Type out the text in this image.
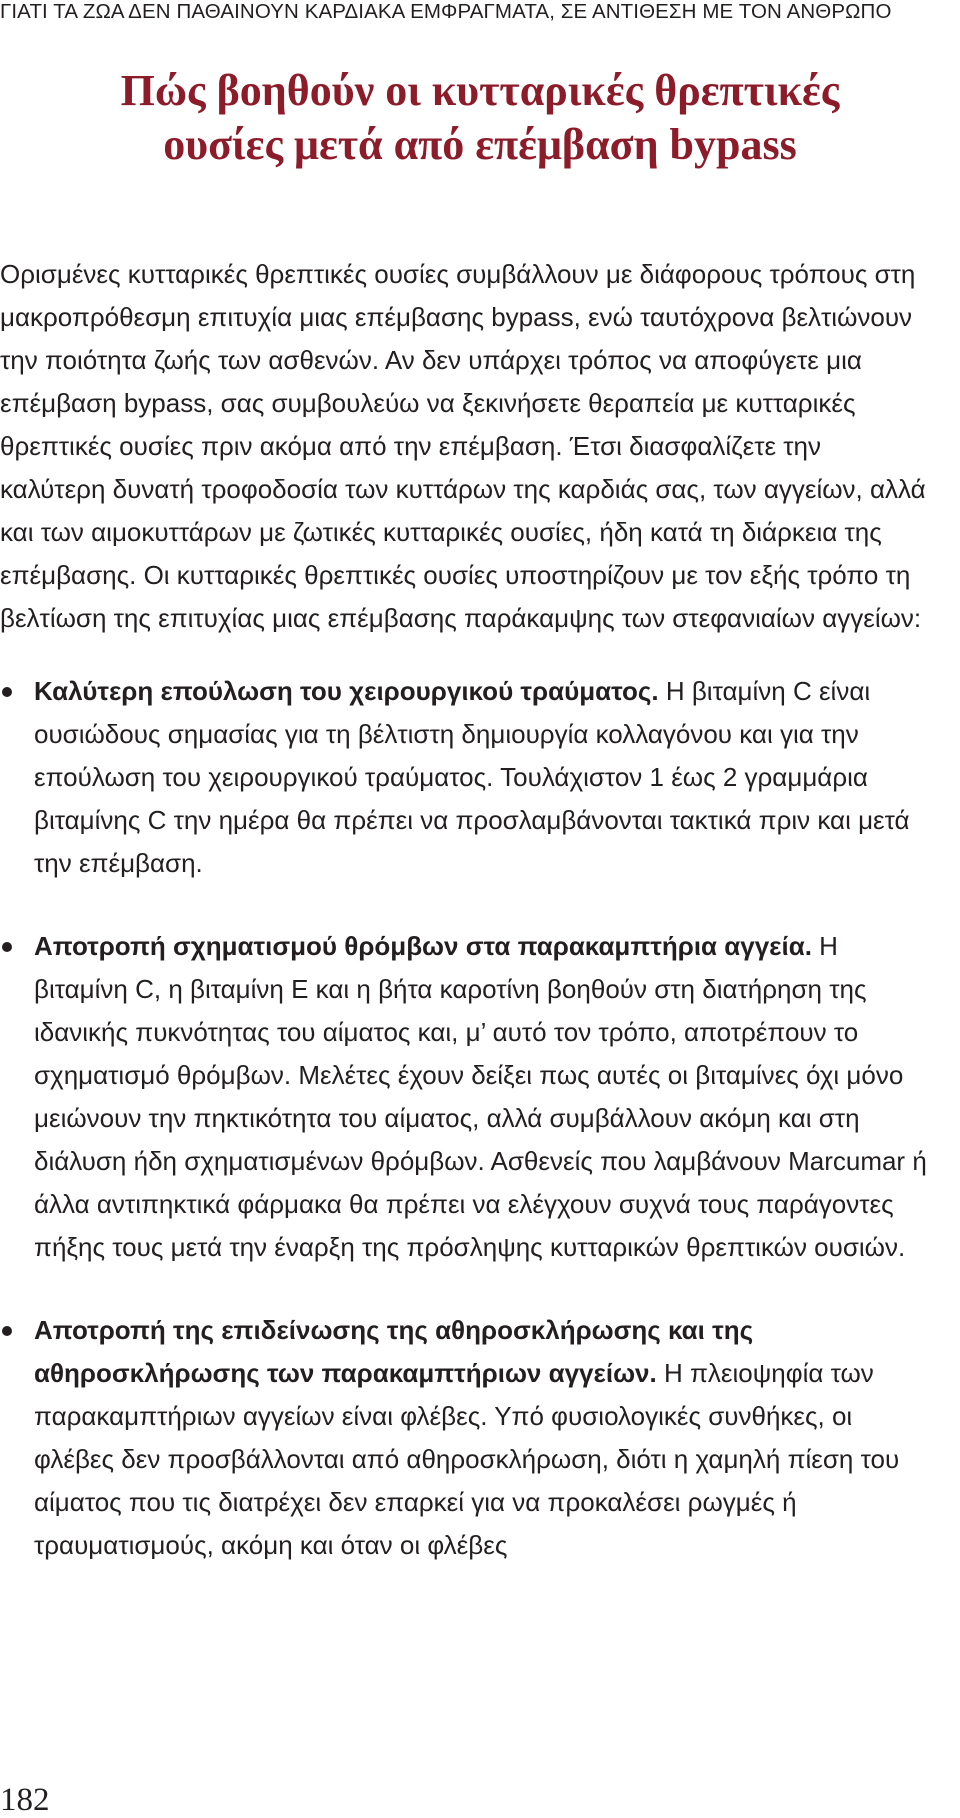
ΓΙΑΤΙ ΤΑ ΖΩΑ ΔΕΝ ΠΑΘΑΙΝΟΥΝ ΚΑΡΔΙΑΚΑ ΕΜΦΡΑΓΜΑΤΑ, ΣΕ ΑΝΤΙΘΕΣΗ ΜΕ ΤΟΝ ΑΝΘΡΩΠΟ
Πώς βοηθούν οι κυτταρικές θρεπτικές
ουσίες μετά από επέμβαση bypass

Ορισμένες κυτταρικές θρεπτικές ουσίες συμβάλλουν με διάφορους τρόπους στη μακροπρόθεσμη επιτυχία μιας επέμβασης bypass, ενώ ταυτόχρονα βελτιώνουν την ποιότητα ζωής των ασθενών. Αν δεν υπάρχει τρόπος να αποφύγετε μια επέμβαση bypass, σας συμβουλεύω να ξεκινήσετε θεραπεία με κυτταρικές θρεπτικές ουσίες πριν ακόμα από την επέμβαση. Έτσι διασφαλίζετε την καλύτερη δυνατή τροφοδοσία των κυττάρων της καρδιάς σας, των αγγείων, αλλά και των αιμοκυττάρων με ζωτικές κυτταρικές ουσίες, ήδη κατά τη διάρκεια της επέμβασης. Οι κυτταρικές θρεπτικές ουσίες υποστηρίζουν με τον εξής τρόπο τη βελτίωση της επιτυχίας μιας επέμβασης παράκαμψης των στεφανιαίων αγγείων:

Καλύτερη επούλωση του χειρουργικού τραύματος. Η βιταμίνη C είναι ουσιώδους σημασίας για τη βέλτιστη δημιουργία κολλαγόνου και για την επούλωση του χειρουργικού τραύματος. Τουλάχιστον 1 έως 2 γραμμάρια βιταμίνης C την ημέρα θα πρέπει να προσλαμβάνονται τακτικά πριν και μετά την επέμβαση.
Αποτροπή σχηματισμού θρόμβων στα παρακαμπτήρια αγγεία. Η βιταμίνη C, η βιταμίνη Ε και η βήτα καροτίνη βοηθούν στη διατήρηση της ιδανικής πυκνότητας του αίματος και, μ’ αυτό τον τρόπο, αποτρέπουν το σχηματισμό θρόμβων. Μελέτες έχουν δείξει πως αυτές οι βιταμίνες όχι μόνο μειώνουν την πηκτικότητα του αίματος, αλλά συμβάλλουν ακόμη και στη διάλυση ήδη σχηματισμένων θρόμβων. Ασθενείς που λαμβάνουν Marcumar ή άλλα αντιπηκτικά φάρμακα θα πρέπει να ελέγχουν συχνά τους παράγοντες πήξης τους μετά την έναρξη της πρόσληψης κυτταρικών θρεπτικών ουσιών.
Αποτροπή της επιδείνωσης της αθηροσκλήρωσης και της αθηροσκλήρωσης των παρακαμπτήριων αγγείων. Η πλειοψηφία των παρακαμπτήριων αγγείων είναι φλέβες. Υπό φυσιολογικές συνθήκες, οι φλέβες δεν προσβάλλονται από αθηροσκλήρωση, διότι η χαμηλή πίεση του αίματος που τις διατρέχει δεν επαρκεί για να προκαλέσει ρωγμές ή τραυματισμούς, ακόμη και όταν οι φλέβες
182
